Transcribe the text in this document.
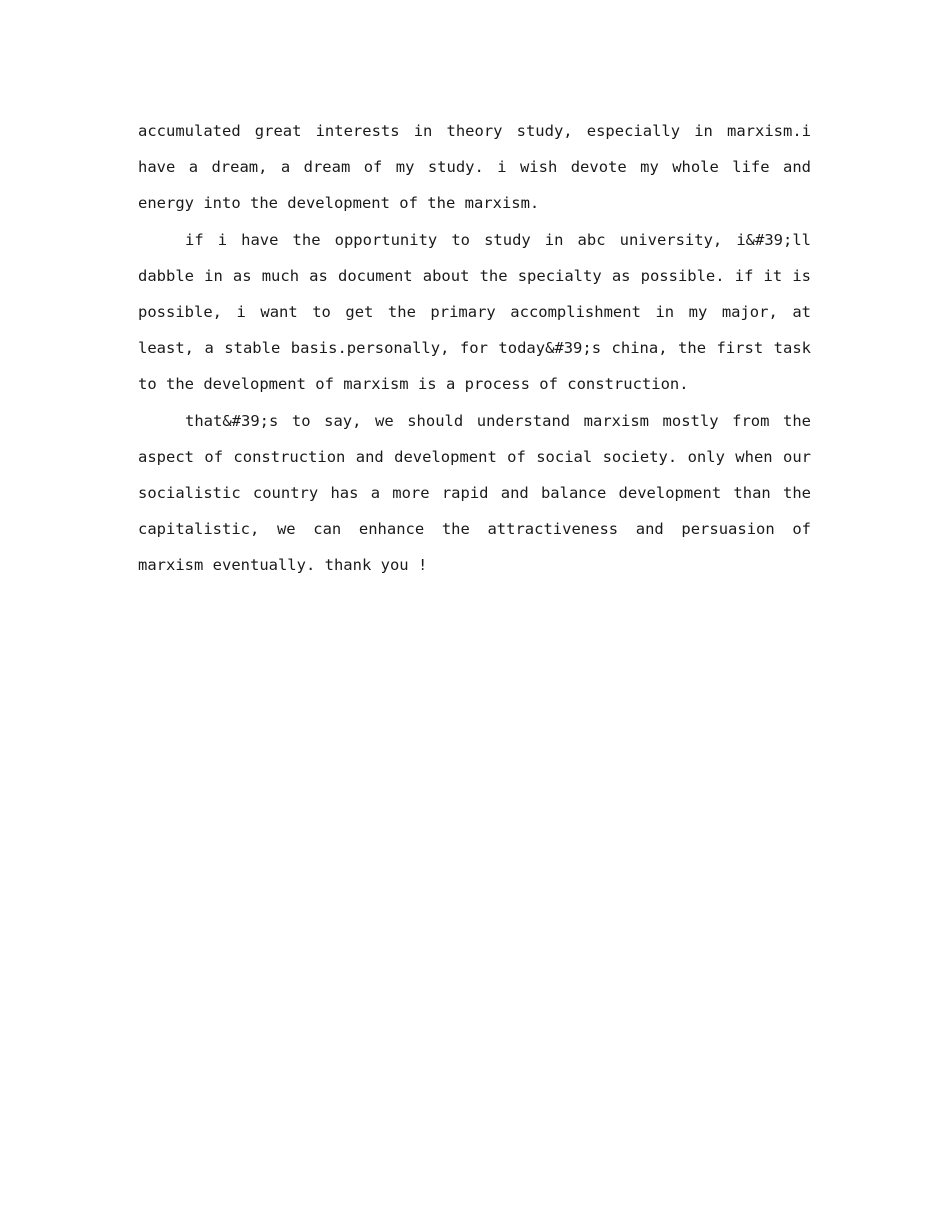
accumulated great interests in theory study, especially in marxism.i have a dream, a dream of my study. i wish devote my whole life and energy into the development of the marxism.

if i have the opportunity to study in abc university, i&#39;ll dabble in as much as document about the specialty as possible. if it is possible, i want to get the primary accomplishment in my major, at least, a stable basis.personally, for today&#39;s china, the first task to the development of marxism is a process of construction.

that&#39;s to say, we should understand marxism mostly from the aspect of construction and development of social society. only when our socialistic country has a more rapid and balance development than the capitalistic, we can enhance the attractiveness and persuasion of marxism eventually. thank you !
